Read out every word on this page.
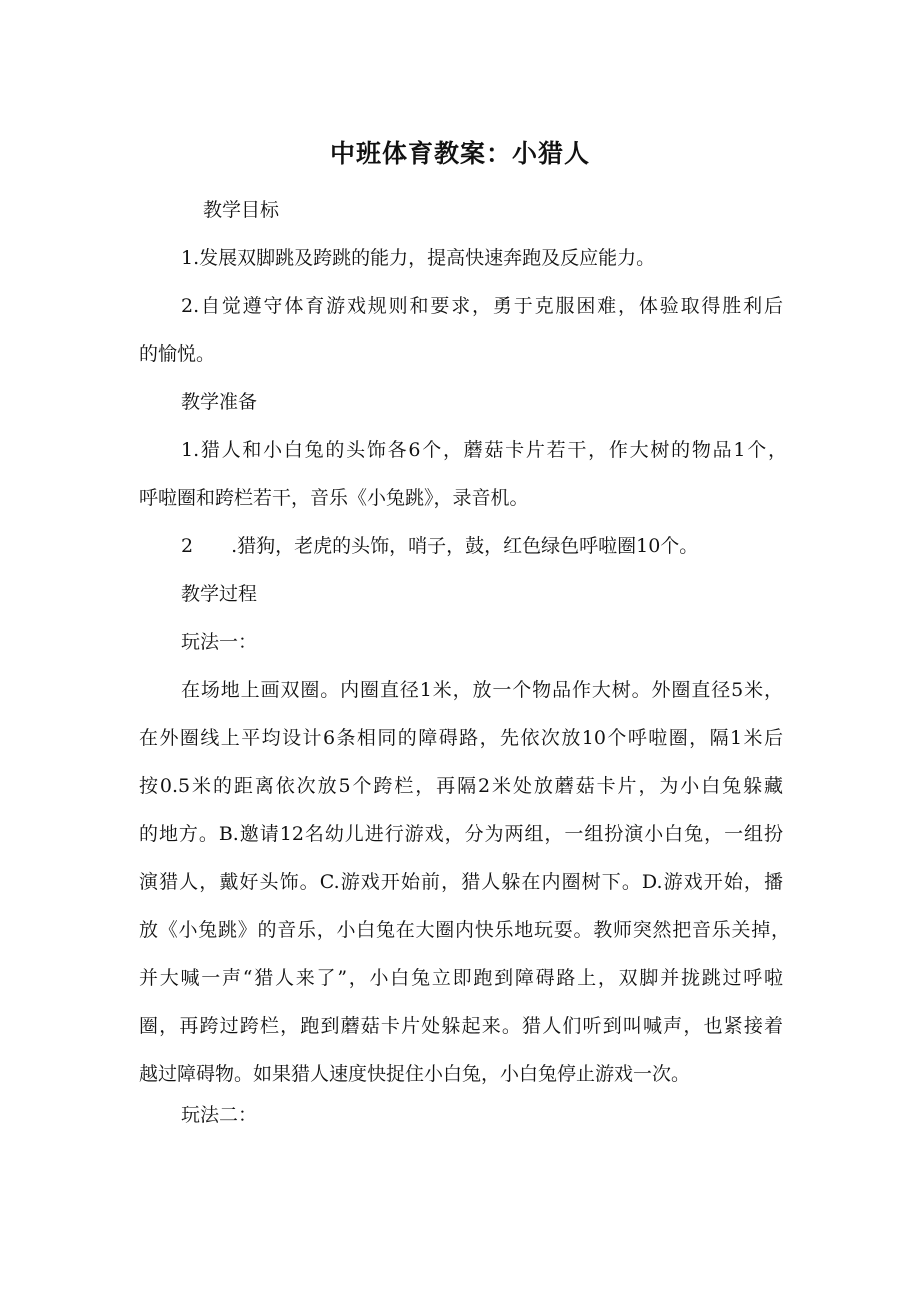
中班体育教案：小猎人
教学目标
1.发展双脚跳及跨跳的能力，提高快速奔跑及反应能力。
2.自觉遵守体育游戏规则和要求，勇于克服困难，体验取得胜利后
的愉悦。
教学准备
1.猎人和小白兔的头饰各6个，蘑菇卡片若干，作大树的物品1个，
呼啦圈和跨栏若干，音乐《小兔跳》，录音机。
2　　.猎狗，老虎的头饰，哨子，鼓，红色绿色呼啦圈10个。
教学过程
玩法一：
在场地上画双圈。内圈直径1米，放一个物品作大树。外圈直径5米，
在外圈线上平均设计6条相同的障碍路，先依次放10个呼啦圈，隔1米后
按0.5米的距离依次放5个跨栏，再隔2米处放蘑菇卡片，为小白兔躲藏
的地方。B.邀请12名幼儿进行游戏，分为两组，一组扮演小白兔，一组扮
演猎人，戴好头饰。C.游戏开始前，猎人躲在内圈树下。D.游戏开始，播
放《小兔跳》的音乐，小白兔在大圈内快乐地玩耍。教师突然把音乐关掉，
并大喊一声“猎人来了”，小白兔立即跑到障碍路上，双脚并拢跳过呼啦
圈，再跨过跨栏，跑到蘑菇卡片处躲起来。猎人们听到叫喊声，也紧接着
越过障碍物。如果猎人速度快捉住小白兔，小白兔停止游戏一次。
玩法二：
